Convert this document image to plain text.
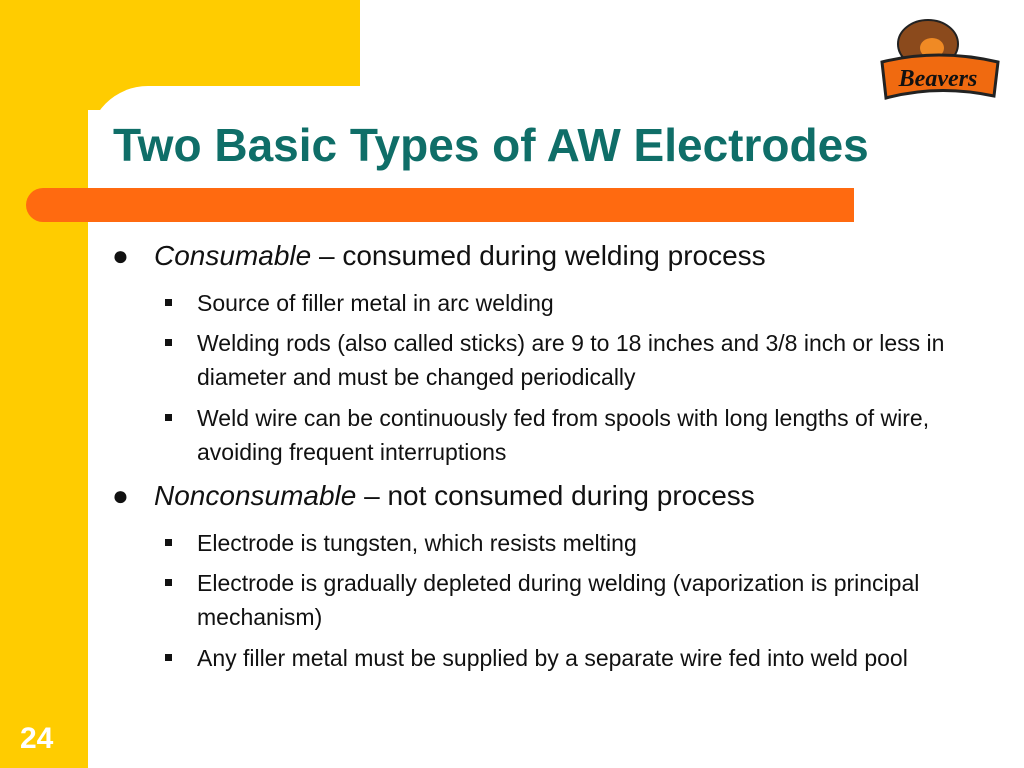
Beavers
Two Basic Types of AW Electrodes
● Consumable – consumed during welding process
Source of filler metal in arc welding
Welding rods (also called sticks) are 9 to 18 inches and 3/8 inch or less in diameter and must be changed periodically
Weld wire can be continuously fed from spools with long lengths of wire, avoiding frequent interruptions
● Nonconsumable – not consumed during process
Electrode is tungsten, which resists melting
Electrode is gradually depleted during welding (vaporization is principal mechanism)
Any filler metal must be supplied by a separate wire fed into weld pool
24
